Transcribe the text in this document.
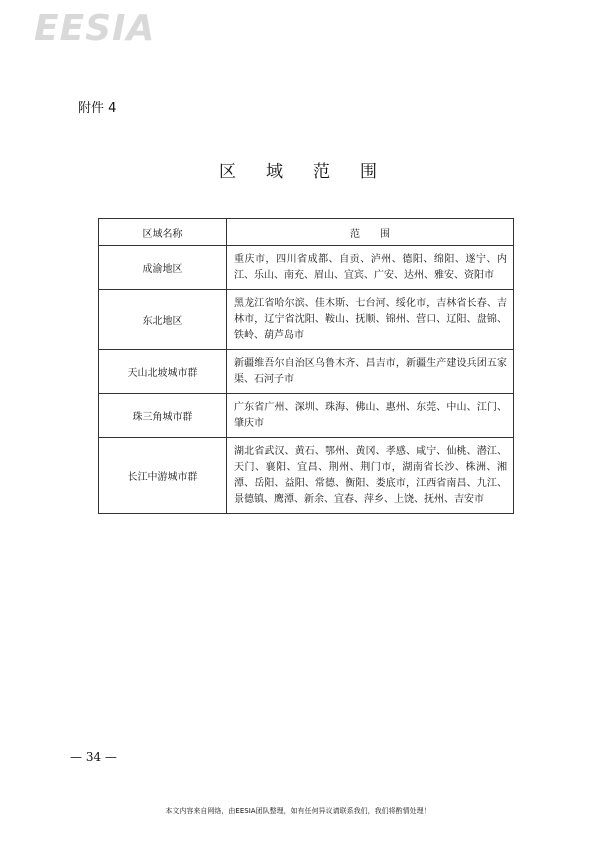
EESIA
附件 4
区 域 范 围
区域名称	范　　围
成渝地区	重庆市，四川省成都、自贡、泸州、德阳、绵阳、遂宁、内江、乐山、南充、眉山、宜宾、广安、达州、雅安、资阳市
东北地区	黑龙江省哈尔滨、佳木斯、七台河、绥化市，吉林省长春、吉林市，辽宁省沈阳、鞍山、抚顺、锦州、营口、辽阳、盘锦、铁岭、葫芦岛市
天山北坡城市群	新疆维吾尔自治区乌鲁木齐、昌吉市，新疆生产建设兵团五家渠、石河子市
珠三角城市群	广东省广州、深圳、珠海、佛山、惠州、东莞、中山、江门、肇庆市
长江中游城市群	湖北省武汉、黄石、鄂州、黄冈、孝感、咸宁、仙桃、潜江、天门、襄阳、宜昌、荆州、荆门市，湖南省长沙、株洲、湘潭、岳阳、益阳、常德、衡阳、娄底市，江西省南昌、九江、景德镇、鹰潭、新余、宜春、萍乡、上饶、抚州、吉安市
— 34 —
本文内容来自网络，由EESIA团队整理，如有任何异议请联系我们，我们将酌情处理！
